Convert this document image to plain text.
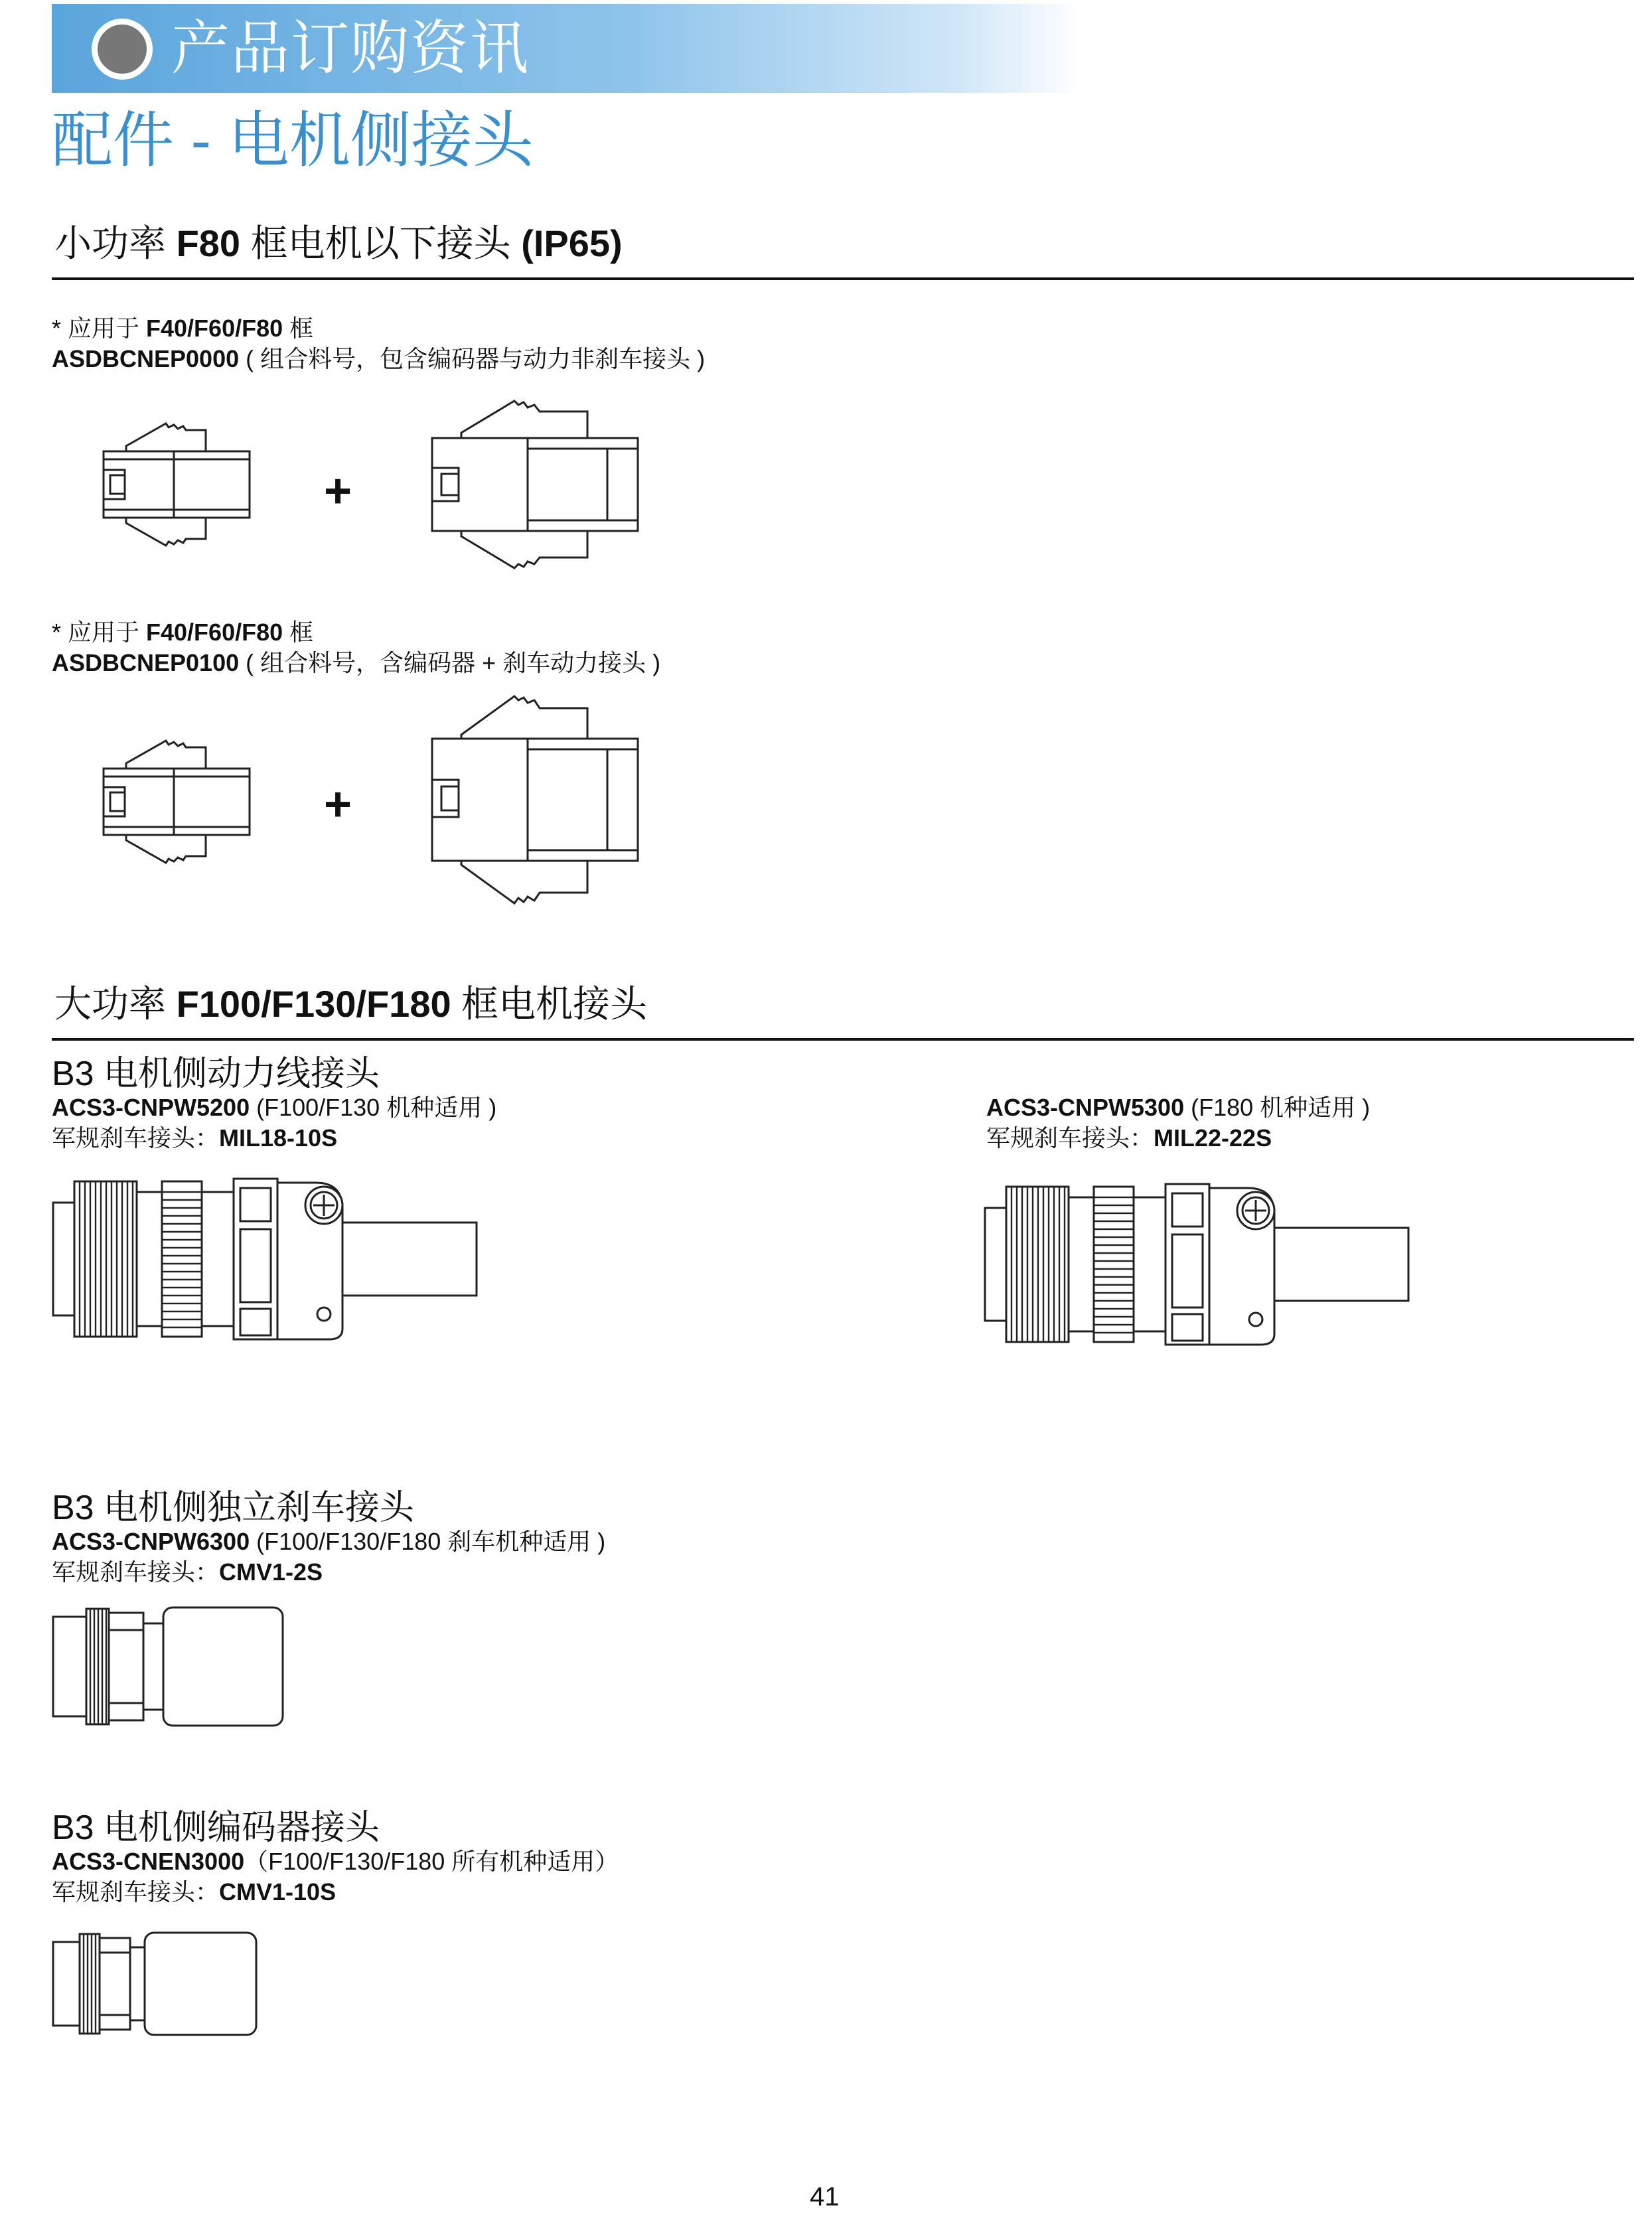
产品订购资讯
配件 - 电机侧接头
小功率 F80 框电机以下接头 (IP65)
* 应用于 F40/F60/F80 框
ASDBCNEP0000 ( 组合料号，包含编码器与动力非刹车接头 )
+
* 应用于 F40/F60/F80 框
ASDBCNEP0100 ( 组合料号，含编码器 + 刹车动力接头 )
+
大功率 F100/F130/F180 框电机接头
B3 电机侧动力线接头
ACS3-CNPW5200 (F100/F130 机种适用 )
军规刹车接头：MIL18-10S
ACS3-CNPW5300 (F180 机种适用 )
军规刹车接头：MIL22-22S
B3 电机侧独立刹车接头
ACS3-CNPW6300 (F100/F130/F180 刹车机种适用 )
军规刹车接头：CMV1-2S
B3 电机侧编码器接头
ACS3-CNEN3000（F100/F130/F180 所有机种适用）
军规刹车接头：CMV1-10S
41
